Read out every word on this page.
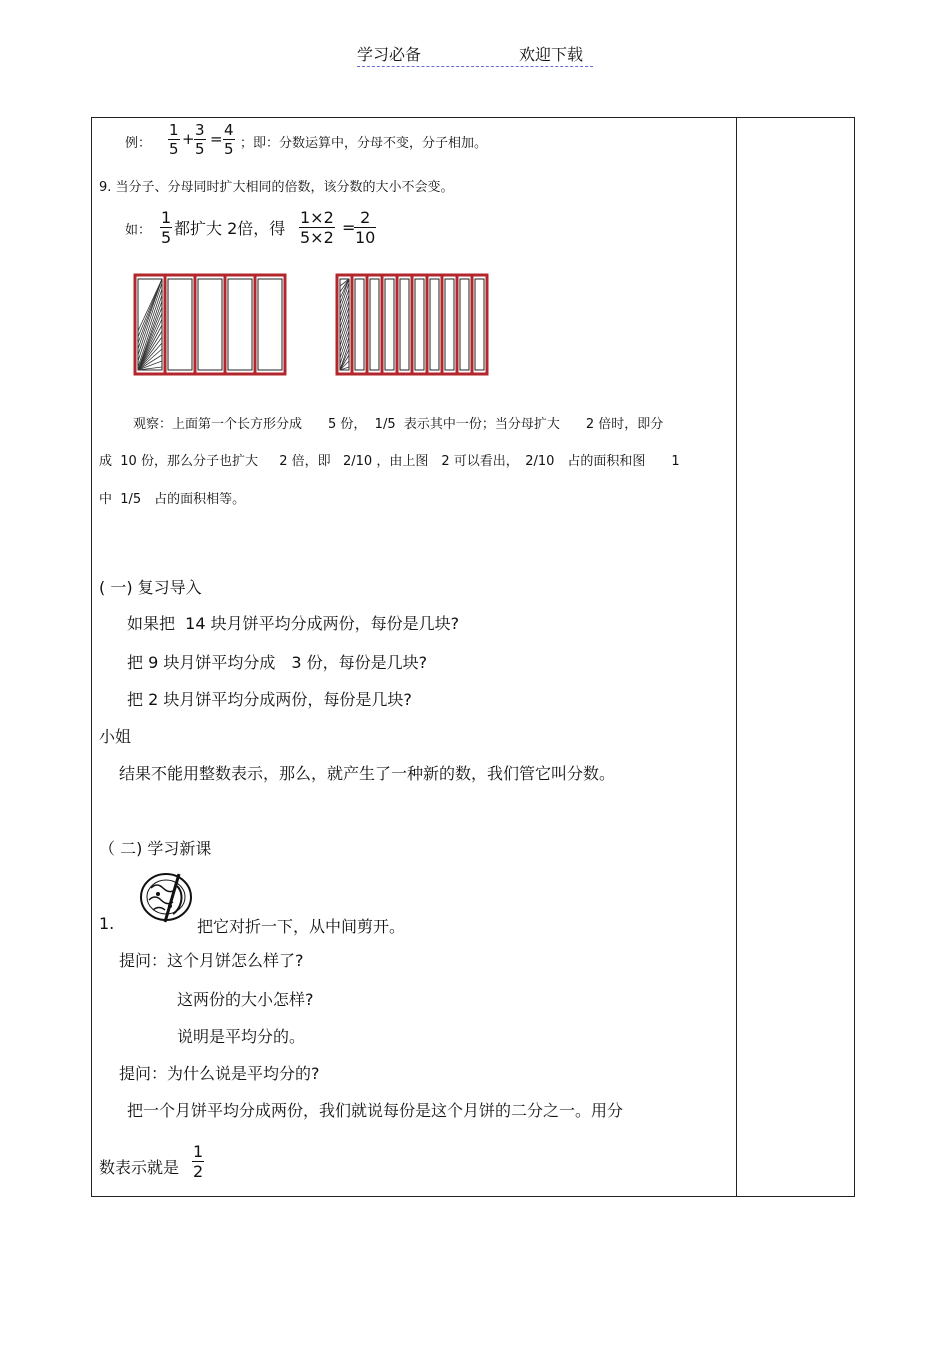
学习必备	欢迎下载
例： $\frac{1}{5} + \frac{3}{5} = \frac{4}{5}$ ；即：分数运算中，分母不变，分子相加。
9. 当分子、分母同时扩大相同的倍数，该分数的大小不会变。
如： $\frac{1}{5}$ 都扩大 2倍，得 $\frac{1\times 2}{5\times 2}$ =
$\frac{2}{10}$
观察：上面第一个长方形分成　　5 份，  1/5  表示其中一份；当分母扩大　　2 倍时，即分
成  10 份，那么分子也扩大　  2 倍，即   2/10 ，由上图　2 可以看出，　2/10　占的面积和图　　1
中  1/5　占的面积相等。
( 一) 复习导入
如果把  14 块月饼平均分成两份，每份是几块?
把 9 块月饼平均分成　3 份，每份是几块?
把 2 块月饼平均分成两份，每份是几块?
小姐
结果不能用整数表示，那么，就产生了一种新的数，我们管它叫分数。
（ 二) 学习新课
1.	把它对折一下，从中间剪开。
提问：这个月饼怎么样了?
这两份的大小怎样?
说明是平均分的。
提问：为什么说是平均分的?
把一个月饼平均分成两份，我们就说每份是这个月饼的二分之一。用分
数表示就是 $\frac{1}{2}$
